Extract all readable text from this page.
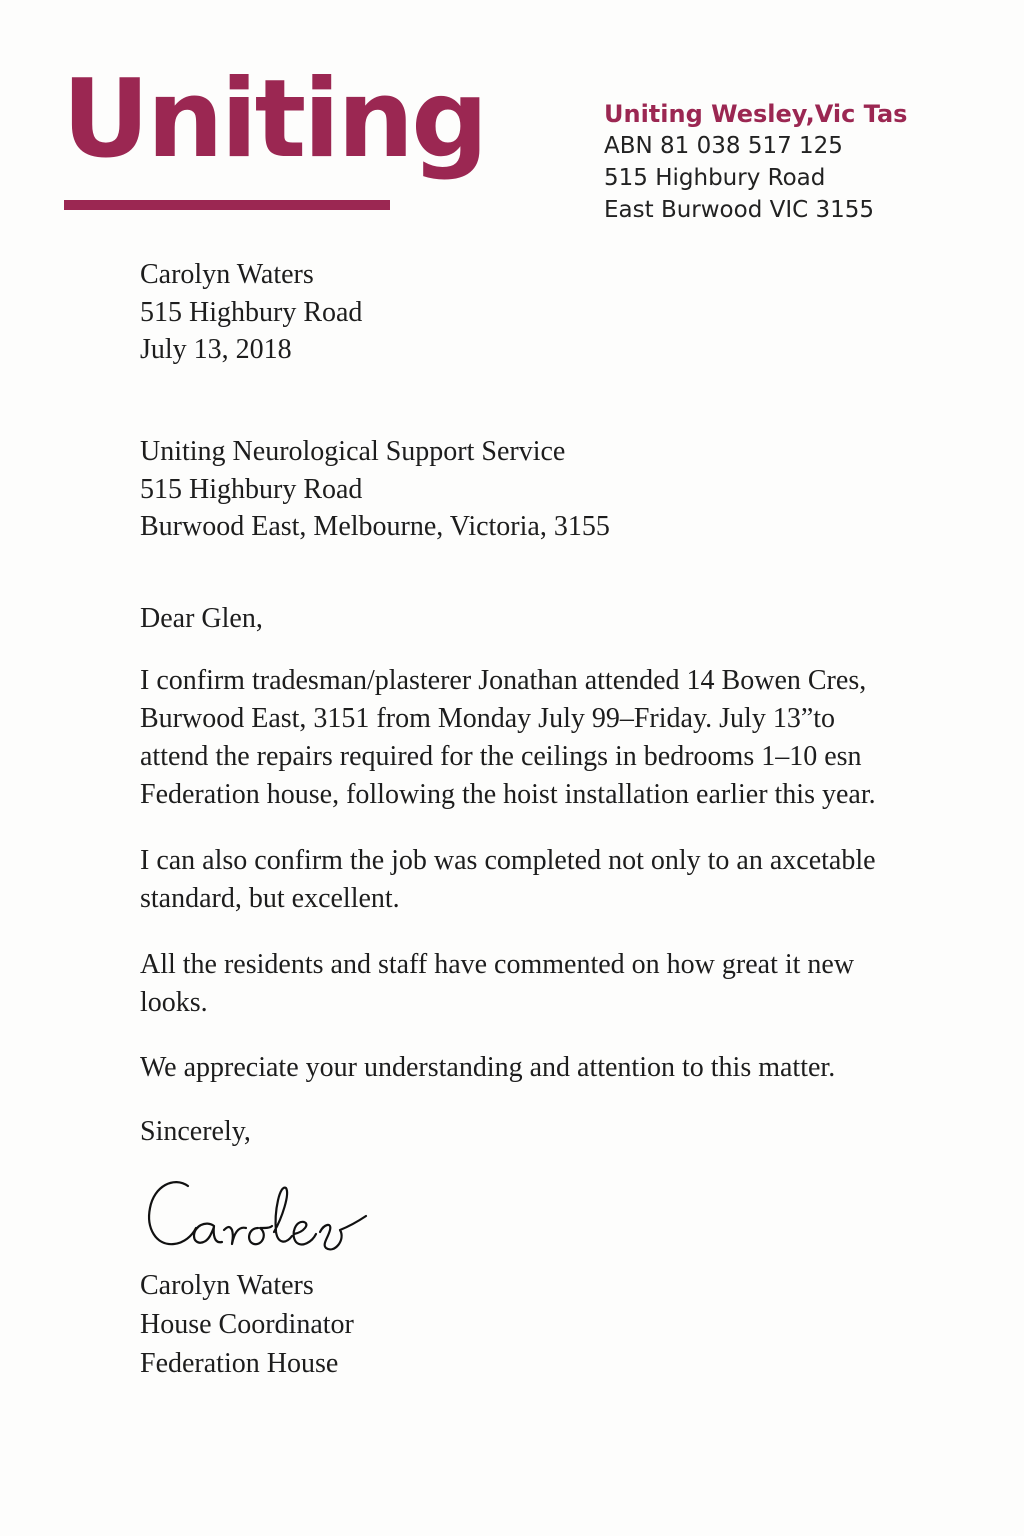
Uniting	Uniting Wesley,Vic Tas
ABN 81 038 517 125
515 Highbury Road
East Burwood VIC 3155
Carolyn Waters
515 Highbury Road
July 13, 2018
Uniting Neurological Support Service
515 Highbury Road
Burwood East, Melbourne, Victoria, 3155
Dear Glen,
I confirm tradesman/plasterer Jonathan attended 14 Bowen Cres,
Burwood East, 3151 from Monday July 99–Friday. July 13”to
attend the repairs required for the ceilings in bedrooms 1–10 esn
Federation house, following the hoist installation earlier this year.
I can also confirm the job was completed not only to an axcetable
standard, but excellent.
All the residents and staff have commented on how great it new
looks.
We appreciate your understanding and attention to this matter.
Sincerely,
Carolyn Waters
House Coordinator
Federation House
